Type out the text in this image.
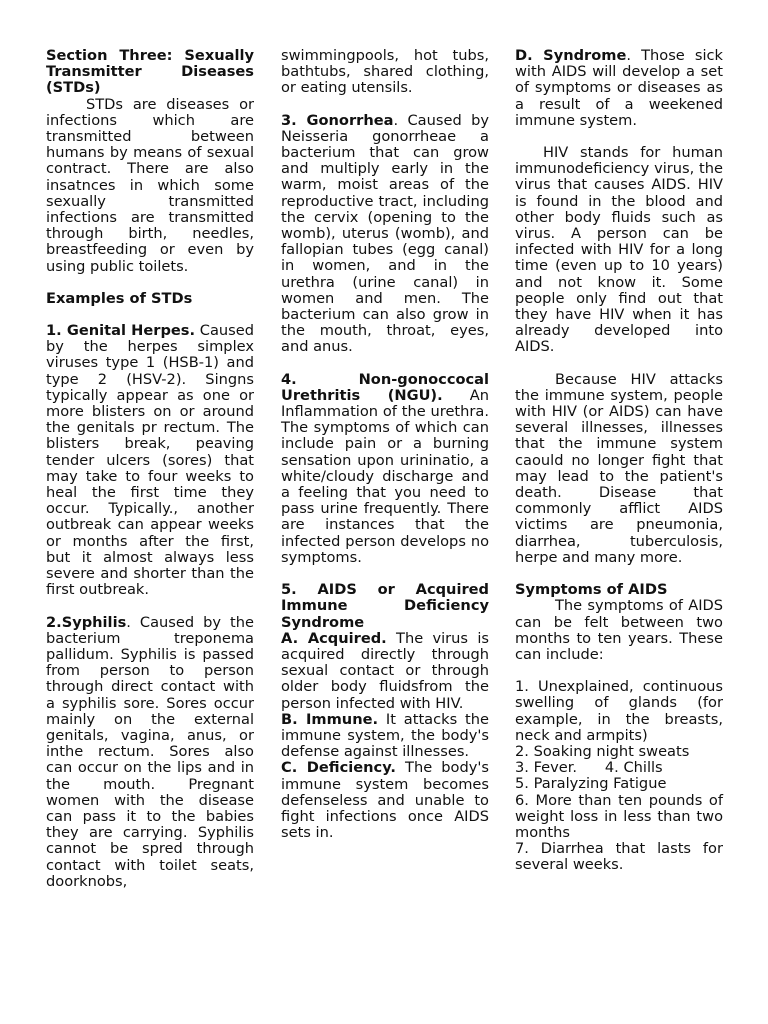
Section Three: Sexually Transmitter Diseases (STDs)

STDs are diseases or infections which are transmitted between humans by means of sexual contract. There are also insatnces in which some sexually transmitted infections are transmitted through birth, needles, breastfeeding or even by using public toilets.

Examples of STDs

1. Genital Herpes. Caused by the herpes simplex viruses type 1 (HSB-1) and type 2 (HSV-2). Singns typically appear as one or more blisters on or around the genitals pr rectum. The blisters break, peaving tender ulcers (sores) that may take to four weeks to heal the first time they occur. Typically., another outbreak can appear weeks or months after the first, but it almost always less severe and shorter than the first outbreak.

2.Syphilis. Caused by the bacterium treponema pallidum. Syphilis is passed from person to person through direct contact with a syphilis sore. Sores occur mainly on the external genitals, vagina, anus, or inthe rectum. Sores also can occur on the lips and in the mouth. Pregnant women with the disease can pass it to the babies they are carrying. Syphilis cannot be spred through contact with toilet seats, doorknobs,

swimmingpools, hot tubs, bathtubs, shared clothing, or eating utensils.

3. Gonorrhea. Caused by Neisseria gonorrheae a bacterium that can grow and multiply early in the warm, moist areas of the reproductive tract, including the cervix (opening to the womb), uterus (womb), and fallopian tubes (egg canal) in women, and in the urethra (urine canal) in women and men. The bacterium can also grow in the mouth, throat, eyes, and anus.

4. Non-gonoccocal Urethritis (NGU). An Inflammation of the urethra. The symptoms of which can include pain or a burning sensation upon urininatio, a white/cloudy discharge and a feeling that you need to pass urine frequently. There are instances that the infected person develops no symptoms.

5. AIDS or Acquired Immune Deficiency Syndrome

A. Acquired. The virus is acquired directly through sexual contact or through older body fluidsfrom the person infected with HIV.

B. Immune. It attacks the immune system, the body's defense against illnesses.

C. Deficiency. The body's immune system becomes defenseless and unable to fight infections once AIDS sets in.

D. Syndrome. Those sick with AIDS will develop a set of symptoms or diseases as a result of a weekened immune system.

HIV stands for human immunodeficiency virus, the virus that causes AIDS. HIV is found in the blood and other body fluids such as virus. A person can be infected with HIV for a long time (even up to 10 years) and not know it. Some people only find out that they have HIV when it has already developed into AIDS.

Because HIV attacks the immune system, people with HIV (or AIDS) can have several illnesses, illnesses that the immune system caould no longer fight that may lead to the patient's death. Disease that commonly afflict AIDS victims are pneumonia, diarrhea, tuberculosis, herpe and many more.

Symptoms of AIDS

The symptoms of AIDS can be felt between two months to ten years. These can include:

1. Unexplained, continuous swelling of glands (for example, in the breasts, neck and armpits)

2. Soaking night sweats

3. Fever.      4. Chills

5. Paralyzing Fatigue

6. More than ten pounds of weight loss in less than two months

7. Diarrhea that lasts for several weeks.
